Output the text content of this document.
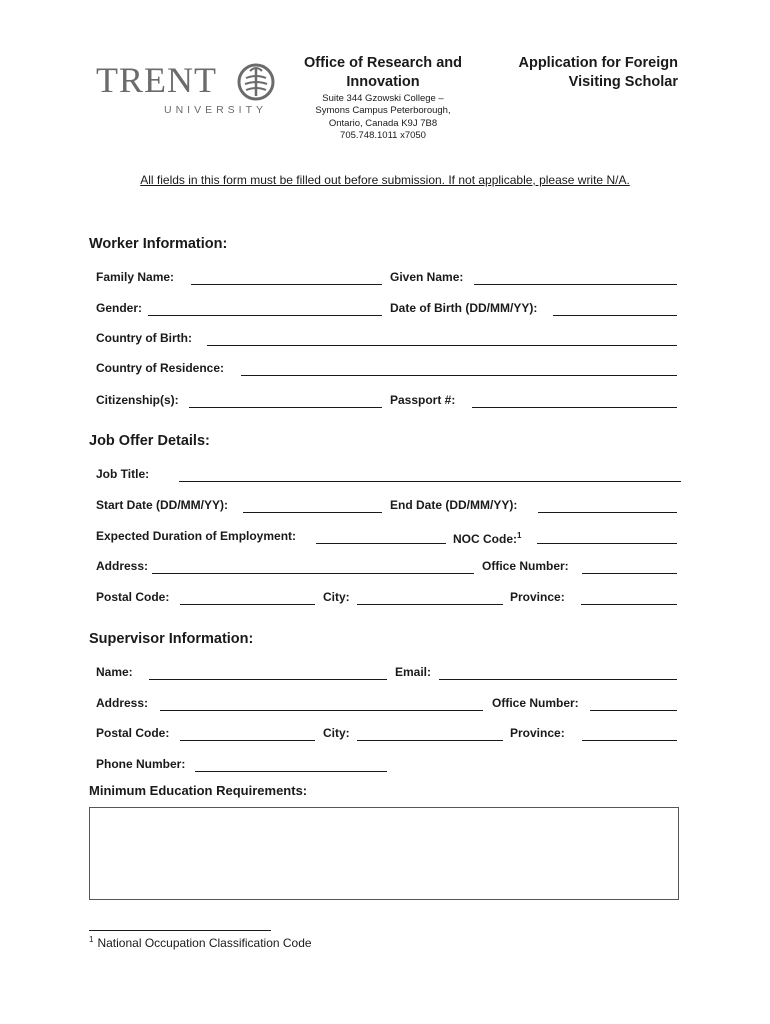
TRENT
UNIVERSITY
Office of Research and
Innovation
Suite 344 Gzowski College –
Symons Campus Peterborough,
Ontario, Canada K9J 7B8
705.748.1011 x7050
Application for Foreign
Visiting Scholar
All fields in this form must be filled out before submission. If not applicable, please write N/A.
Worker Information:
Family Name:	Given Name:
Gender:	Date of Birth (DD/MM/YY):
Country of Birth:
Country of Residence:
Citizenship(s):	Passport #:
Job Offer Details:
Job Title:
Start Date (DD/MM/YY):	End Date (DD/MM/YY):
Expected Duration of Employment:	NOC Code:$^1$
Address:	Office Number:
Postal Code:	City:	Province:
Supervisor Information:
Name:	Email:
Address:	Office Number:
Postal Code:	City:	Province:
Phone Number:
Minimum Education Requirements:
$^1$ National Occupation Classification Code
